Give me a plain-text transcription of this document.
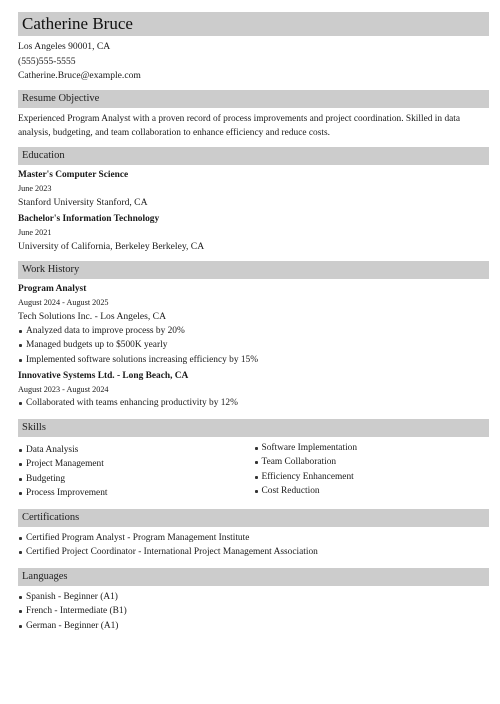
Catherine Bruce
Los Angeles 90001, CA
(555)555-5555
Catherine.Bruce@example.com
Resume Objective
Experienced Program Analyst with a proven record of process improvements and project coordination. Skilled in data analysis, budgeting, and team collaboration to enhance efficiency and reduce costs.
Education
Master's Computer Science
June 2023
Stanford University Stanford, CA
Bachelor's Information Technology
June 2021
University of California, Berkeley Berkeley, CA
Work History
Program Analyst
August 2024 - August 2025
Tech Solutions Inc. - Los Angeles, CA
Analyzed data to improve process by 20%
Managed budgets up to $500K yearly
Implemented software solutions increasing efficiency by 15%
Innovative Systems Ltd. - Long Beach, CA
August 2023 - August 2024
Collaborated with teams enhancing productivity by 12%
Skills
Data Analysis
Project Management
Budgeting
Process Improvement
Software Implementation
Team Collaboration
Efficiency Enhancement
Cost Reduction
Certifications
Certified Program Analyst - Program Management Institute
Certified Project Coordinator - International Project Management Association
Languages
Spanish - Beginner (A1)
French - Intermediate (B1)
German - Beginner (A1)
